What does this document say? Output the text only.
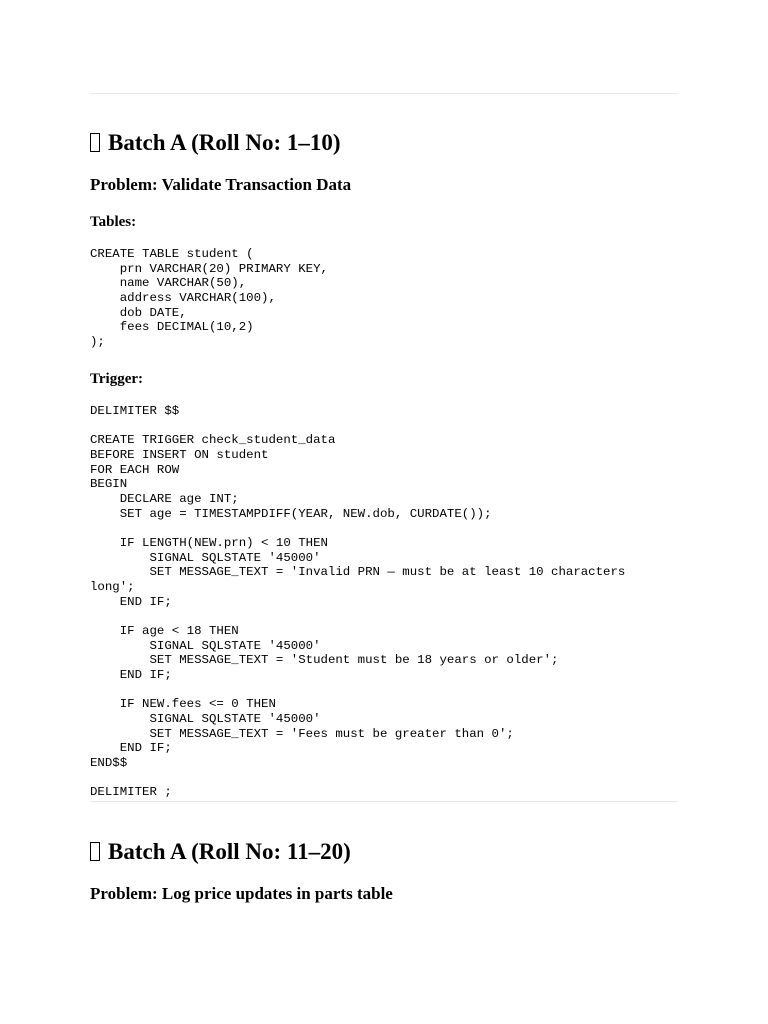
Batch A (Roll No: 1–10)
Problem: Validate Transaction Data
Tables:
CREATE TABLE student (
prn VARCHAR(20) PRIMARY KEY,
name VARCHAR(50),
address VARCHAR(100),
dob DATE,
fees DECIMAL(10,2)
);
Trigger:
DELIMITER $$

CREATE TRIGGER check_student_data
BEFORE INSERT ON student
FOR EACH ROW
BEGIN
DECLARE age INT;
SET age = TIMESTAMPDIFF(YEAR, NEW.dob, CURDATE());

IF LENGTH(NEW.prn) < 10 THEN
SIGNAL SQLSTATE '45000'
SET MESSAGE_TEXT = 'Invalid PRN — must be at least 10 characters
long';
END IF;

IF age < 18 THEN
SIGNAL SQLSTATE '45000'
SET MESSAGE_TEXT = 'Student must be 18 years or older';
END IF;

IF NEW.fees <= 0 THEN
SIGNAL SQLSTATE '45000'
SET MESSAGE_TEXT = 'Fees must be greater than 0';
END IF;
END$$

DELIMITER ;
Batch A (Roll No: 11–20)
Problem: Log price updates in parts table
